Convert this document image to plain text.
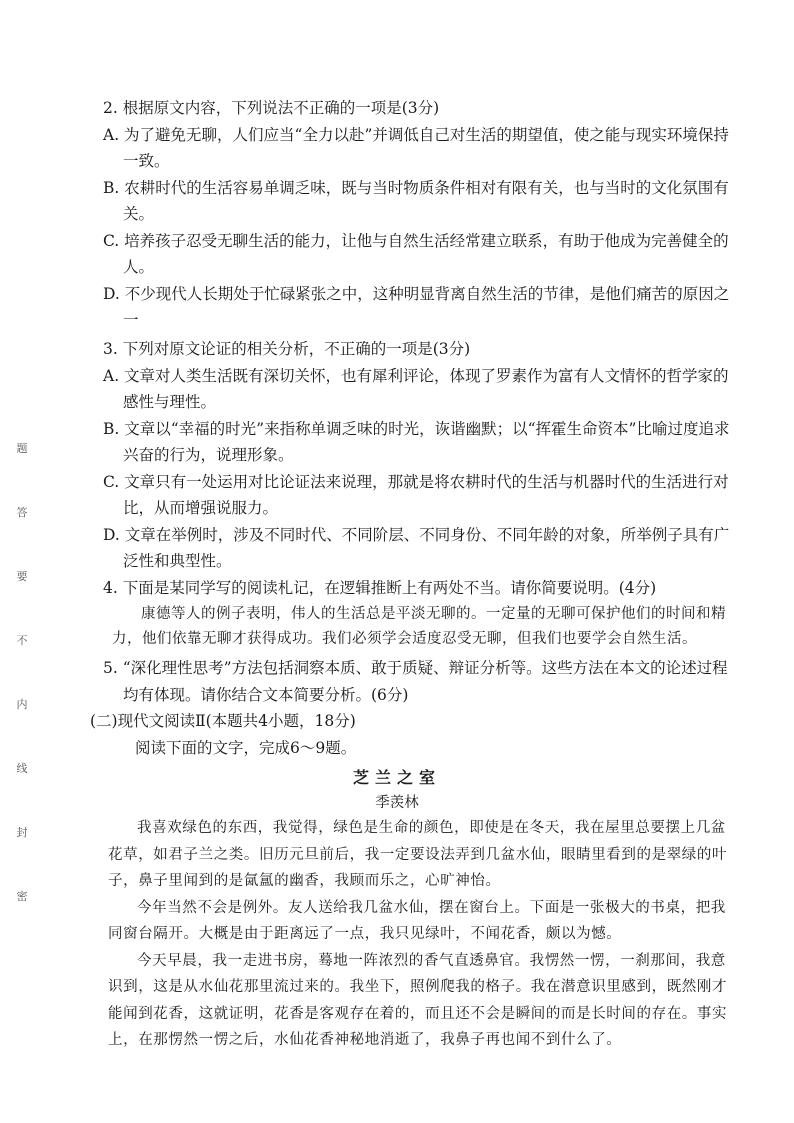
题
答
要
不
内
线
封
密
2. 根据原文内容，下列说法不正确的一项是(3分)
A. 为了避免无聊，人们应当“全力以赴”并调低自己对生活的期望值，使之能与现实环境保持一致。
B. 农耕时代的生活容易单调乏味，既与当时物质条件相对有限有关，也与当时的文化氛围有关。
C. 培养孩子忍受无聊生活的能力，让他与自然生活经常建立联系，有助于他成为完善健全的人。
D. 不少现代人长期处于忙碌紧张之中，这种明显背离自然生活的节律，是他们痛苦的原因之一
3. 下列对原文论证的相关分析，不正确的一项是(3分)
A. 文章对人类生活既有深切关怀，也有犀利评论，体现了罗素作为富有人文情怀的哲学家的感性与理性。
B. 文章以“幸福的时光”来指称单调乏味的时光，诙谐幽默；以“挥霍生命资本”比喻过度追求兴奋的行为，说理形象。
C. 文章只有一处运用对比论证法来说理，那就是将农耕时代的生活与机器时代的生活进行对比，从而增强说服力。
D. 文章在举例时，涉及不同时代、不同阶层、不同身份、不同年龄的对象，所举例子具有广泛性和典型性。
4. 下面是某同学写的阅读札记，在逻辑推断上有两处不当。请你简要说明。(4分)
康德等人的例子表明，伟人的生活总是平淡无聊的。一定量的无聊可保护他们的时间和精力，他们依靠无聊才获得成功。我们必须学会适度忍受无聊，但我们也要学会自然生活。
5. “深化理性思考”方法包括洞察本质、敢于质疑、辩证分析等。这些方法在本文的论述过程均有体现。请你结合文本简要分析。(6分)
(二)现代文阅读Ⅱ(本题共4小题，18分)
阅读下面的文字，完成6～9题。
芝兰之室
季羡林

我喜欢绿色的东西，我觉得，绿色是生命的颜色，即使是在冬天，我在屋里总要摆上几盆花草，如君子兰之类。旧历元旦前后，我一定要设法弄到几盆水仙，眼睛里看到的是翠绿的叶子，鼻子里闻到的是氤氲的幽香，我顾而乐之，心旷神怡。

今年当然不会是例外。友人送给我几盆水仙，摆在窗台上。下面是一张极大的书桌，把我同窗台隔开。大概是由于距离远了一点，我只见绿叶，不闻花香，颇以为憾。

今天早晨，我一走进书房，蓦地一阵浓烈的香气直透鼻官。我愣然一愣，一刹那间，我意识到，这是从水仙花那里流过来的。我坐下，照例爬我的格子。我在潜意识里感到，既然刚才能闻到花香，这就证明，花香是客观存在着的，而且还不会是瞬间的而是长时间的存在。事实上，在那愣然一愣之后，水仙花香神秘地消逝了，我鼻子再也闻不到什么了。
